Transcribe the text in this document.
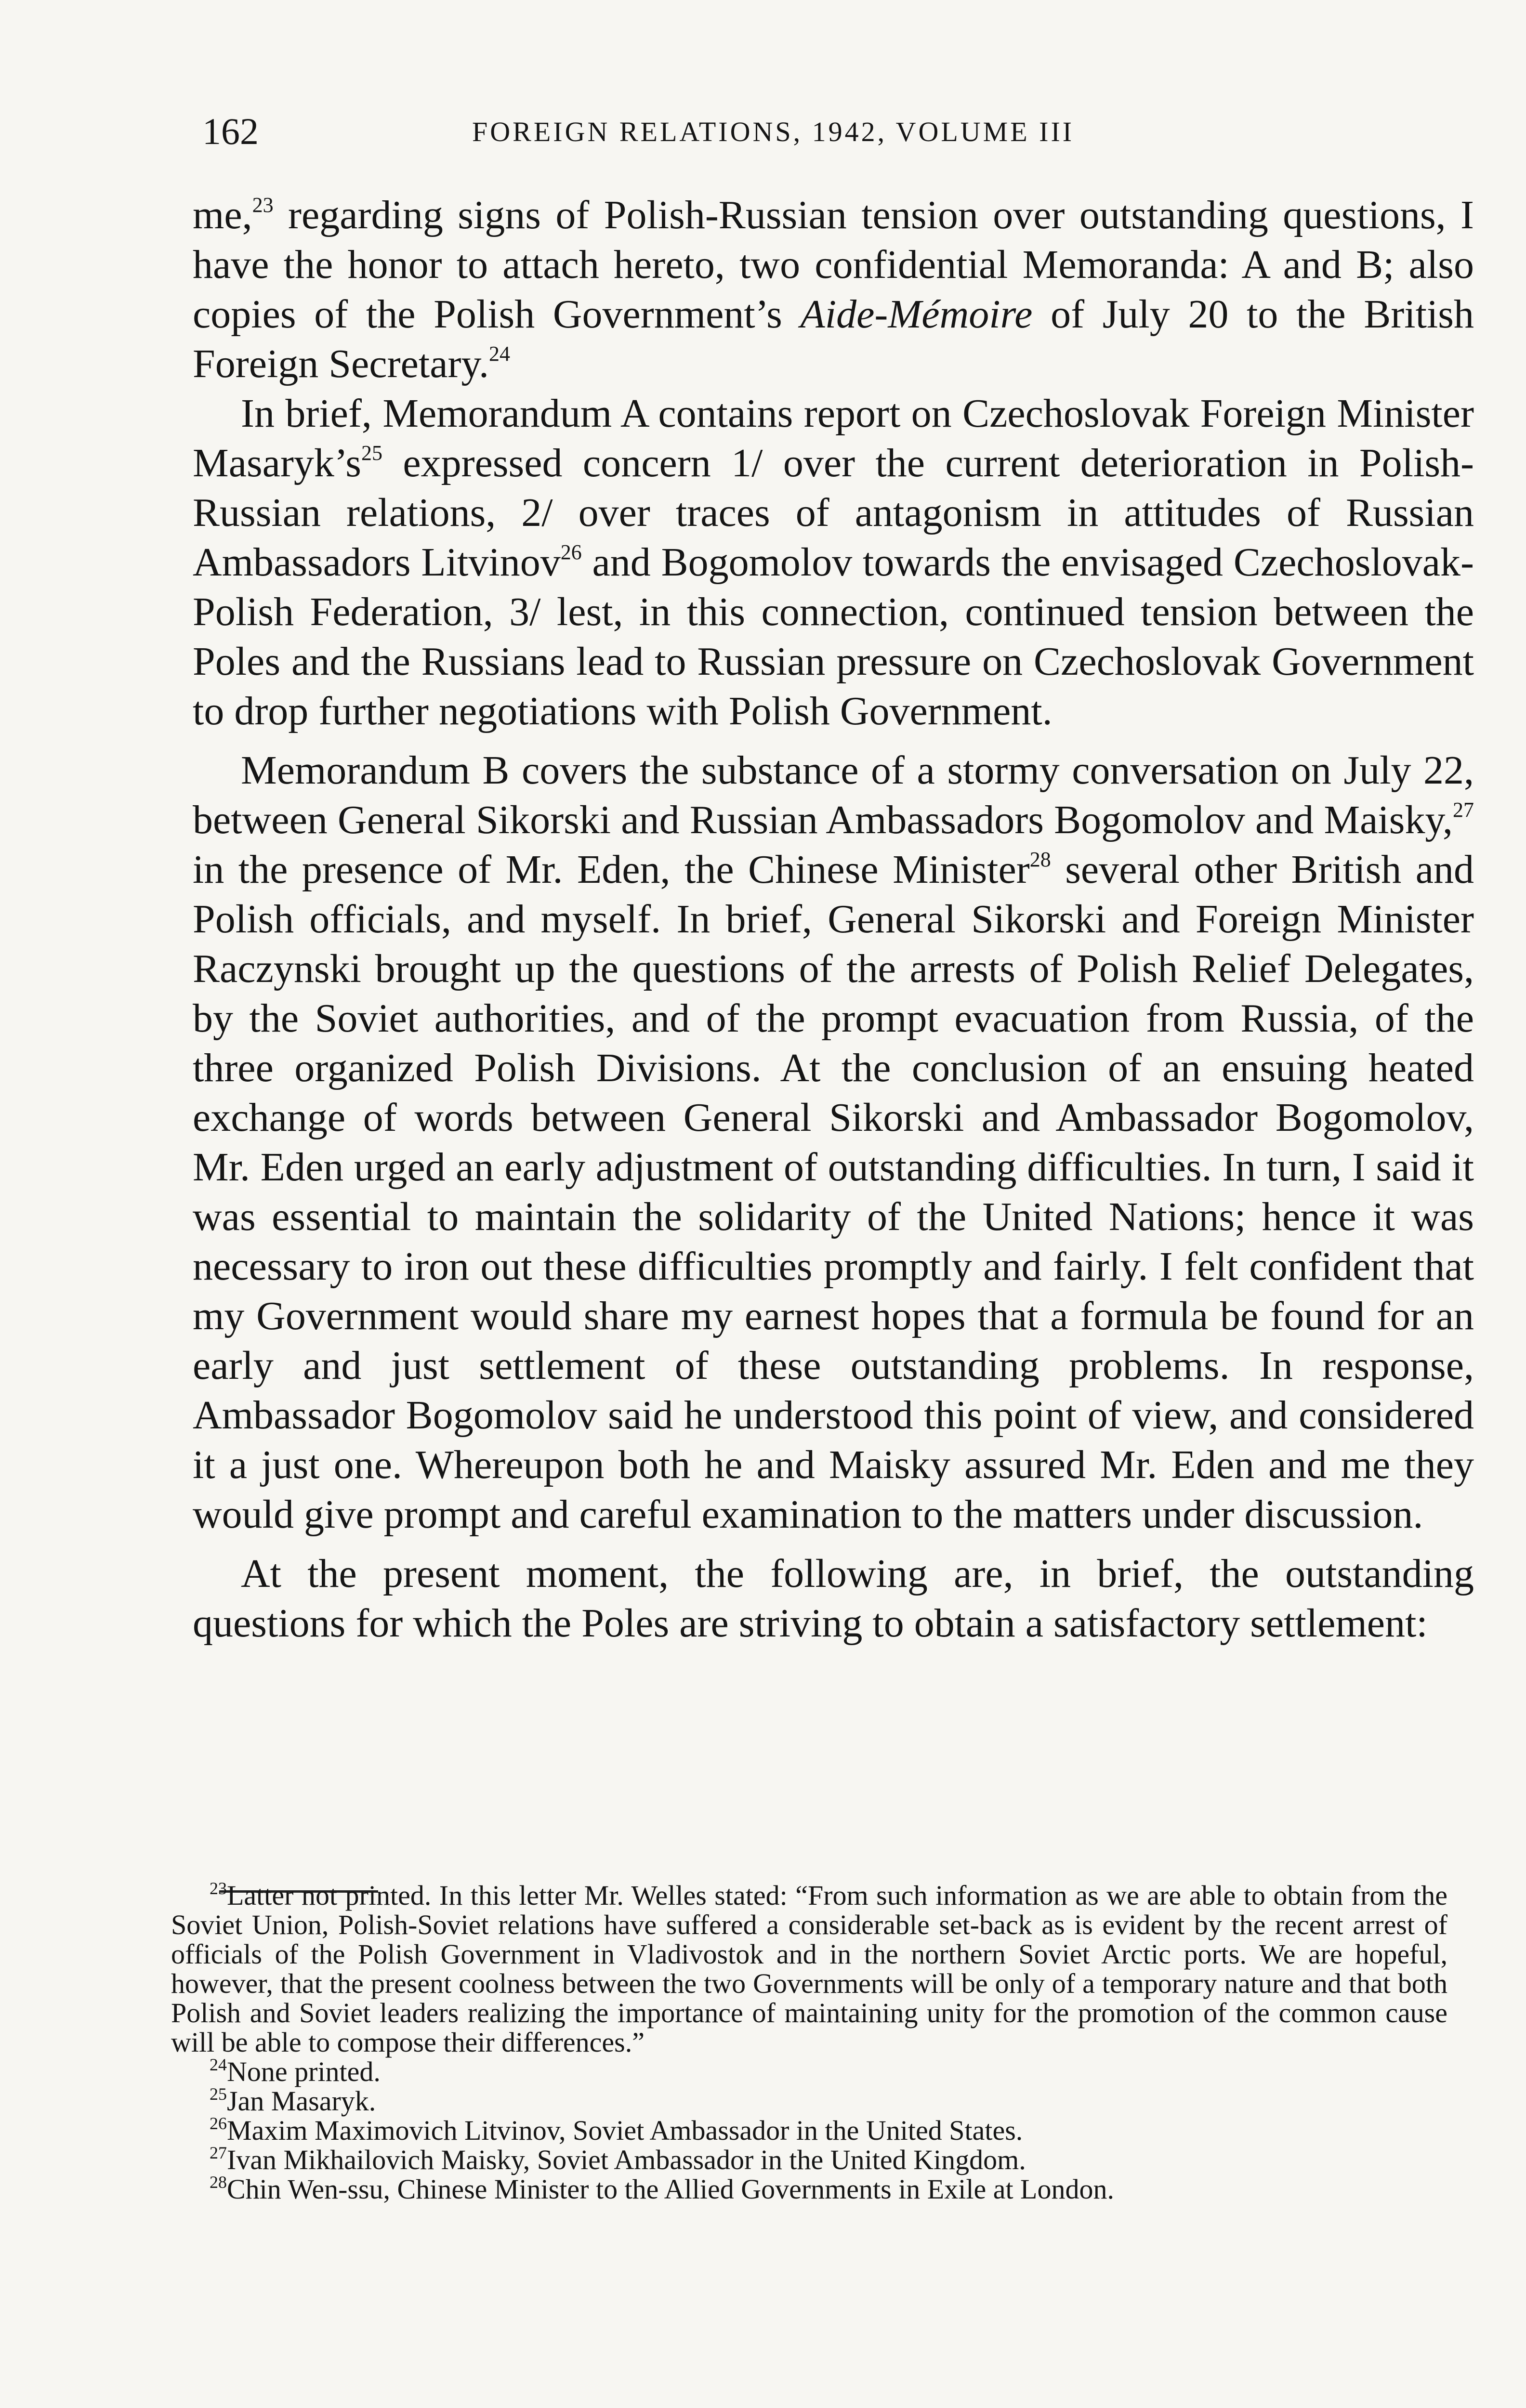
162	FOREIGN RELATIONS, 1942, VOLUME III

me,$^{23}$ regarding signs of Polish-Russian tension over outstanding questions, I have the honor to attach hereto, two confidential Memoranda: A and B; also copies of the Polish Government’s Aide-Mémoire of July 20 to the British Foreign Secretary.$^{24}$

In brief, Memorandum A contains report on Czechoslovak Foreign Minister $Masaryk’s^{25}$ expressed concern 1/ over the current deterioration in Polish-Russian relations, 2/ over traces of antagonism in attitudes of Russian Ambassadors Litvinov$^{26}$ and Bogomolov towards the envisaged Czechoslovak-Polish Federation, 3/ lest, in this connection, continued tension between the Poles and the Russians lead to Russian pressure on Czechoslovak Government to drop further negotiations with Polish Government.

Memorandum B covers the substance of a stormy conversation on July 22, between General Sikorski and Russian Ambassadors Bogomolov and Maisky,$^{27}$ in the presence of Mr. Eden, the Chinese Minister$^{28}$ several other British and Polish officials, and myself. In brief, General Sikorski and Foreign Minister Raczynski brought up the questions of the arrests of Polish Relief Delegates, by the Soviet authorities, and of the prompt evacuation from Russia, of the three organized Polish Divisions. At the conclusion of an ensuing heated exchange of words between General Sikorski and Ambassador Bogomolov, Mr. Eden urged an early adjustment of outstanding difficulties. In turn, I said it was essential to maintain the solidarity of the United Nations; hence it was necessary to iron out these difficulties promptly and fairly. I felt confident that my Government would share my earnest hopes that a formula be found for an early and just settlement of these outstanding problems. In response, Ambassador Bogomolov said he understood this point of view, and considered it a just one. Whereupon both he and Maisky assured Mr. Eden and me they would give prompt and careful examination to the matters under discussion.

At the present moment, the following are, in brief, the outstanding questions for which the Poles are striving to obtain a satisfactory settlement:

$^{23}$Latter not printed. In this letter Mr. Welles stated: “From such information as we are able to obtain from the Soviet Union, Polish-Soviet relations have suffered a considerable set-back as is evident by the recent arrest of officials of the Polish Government in Vladivostok and in the northern Soviet Arctic ports. We are hopeful, however, that the present coolness between the two Governments will be only of a temporary nature and that both Polish and Soviet leaders realizing the importance of maintaining unity for the promotion of the common cause will be able to compose their differences.”

$^{24}$None printed.

$^{25}$Jan Masaryk.

$^{26}$Maxim Maximovich Litvinov, Soviet Ambassador in the United States.

$^{27}$Ivan Mikhailovich Maisky, Soviet Ambassador in the United Kingdom.

$^{28}$Chin Wen-ssu, Chinese Minister to the Allied Governments in Exile at London.
